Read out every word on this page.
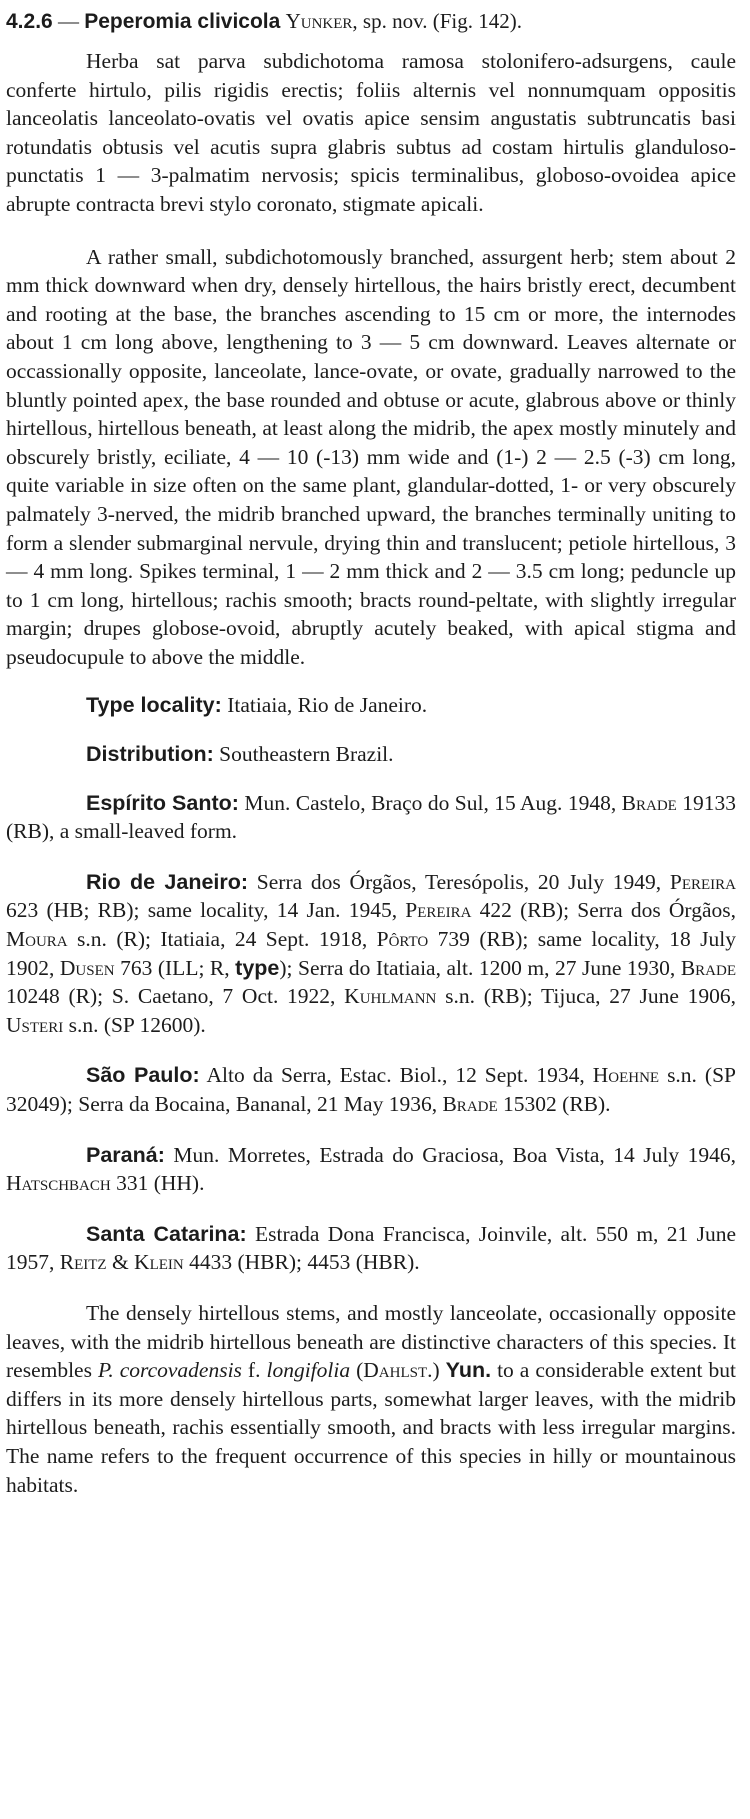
4.2.6 — Peperomia clivicola Yunker, sp. nov. (Fig. 142).

Herba sat parva subdichotoma ramosa stolonifero-adsurgens, caule conferte hirtulo, pilis rigidis erectis; foliis alternis vel nonnumquam oppositis lanceolatis lanceolato-ovatis vel ovatis apice sensim angustatis subtruncatis basi rotundatis obtusis vel acutis supra glabris subtus ad costam hirtulis glanduloso-punctatis 1 — 3-palmatim nervosis; spicis terminalibus, globoso-ovoidea apice abrupte contracta brevi stylo coronato, stigmate apicali.

A rather small, subdichotomously branched, assurgent herb; stem about 2 mm thick downward when dry, densely hirtellous, the hairs bristly erect, decumbent and rooting at the base, the branches ascending to 15 cm or more, the internodes about 1 cm long above, lengthening to 3 — 5 cm downward. Leaves alternate or occassionally opposite, lanceolate, lance-ovate, or ovate, gradually narrowed to the bluntly pointed apex, the base rounded and obtuse or acute, glabrous above or thinly hirtellous, hirtellous beneath, at least along the midrib, the apex mostly minutely and obscurely bristly, eciliate, 4 — 10 (-13) mm wide and (1-) 2 — 2.5 (-3) cm long, quite variable in size often on the same plant, glandular-dotted, 1- or very obscurely palmately 3-nerved, the midrib branched upward, the branches terminally uniting to form a slender submarginal nervule, drying thin and translucent; petiole hirtellous, 3 — 4 mm long. Spikes terminal, 1 — 2 mm thick and 2 — 3.5 cm long; peduncle up to 1 cm long, hirtellous; rachis smooth; bracts round-peltate, with slightly irregular margin; drupes globose-ovoid, abruptly acutely beaked, with apical stigma and pseudocupule to above the middle.

Type locality: Itatiaia, Rio de Janeiro.

Distribution: Southeastern Brazil.

Espírito Santo: Mun. Castelo, Braço do Sul, 15 Aug. 1948, Brade 19133 (RB), a small-leaved form.

Rio de Janeiro: Serra dos Órgãos, Teresópolis, 20 July 1949, Pereira 623 (HB; RB); same locality, 14 Jan. 1945, Pereira 422 (RB); Serra dos Órgãos, Moura s.n. (R); Itatiaia, 24 Sept. 1918, Pôrto 739 (RB); same locality, 18 July 1902, Dusen 763 (ILL; R, type); Serra do Itatiaia, alt. 1200 m, 27 June 1930, Brade 10248 (R); S. Caetano, 7 Oct. 1922, Kuhlmann s.n. (RB); Tijuca, 27 June 1906, Usteri s.n. (SP 12600).

São Paulo: Alto da Serra, Estac. Biol., 12 Sept. 1934, Hoehne s.n. (SP 32049); Serra da Bocaina, Bananal, 21 May 1936, Brade 15302 (RB).

Paraná: Mun. Morretes, Estrada do Graciosa, Boa Vista, 14 July 1946, Hatschbach 331 (HH).

Santa Catarina: Estrada Dona Francisca, Joinvile, alt. 550 m, 21 June 1957, Reitz & Klein 4433 (HBR); 4453 (HBR).

The densely hirtellous stems, and mostly lanceolate, occasionally opposite leaves, with the midrib hirtellous beneath are distinctive characters of this species. It resembles P. corcovadensis f. longifolia (Dahlst.) Yun. to a considerable extent but differs in its more densely hirtellous parts, somewhat larger leaves, with the midrib hirtellous beneath, rachis essentially smooth, and bracts with less irregular margins. The name refers to the frequent occurrence of this species in hilly or mountainous habitats.
